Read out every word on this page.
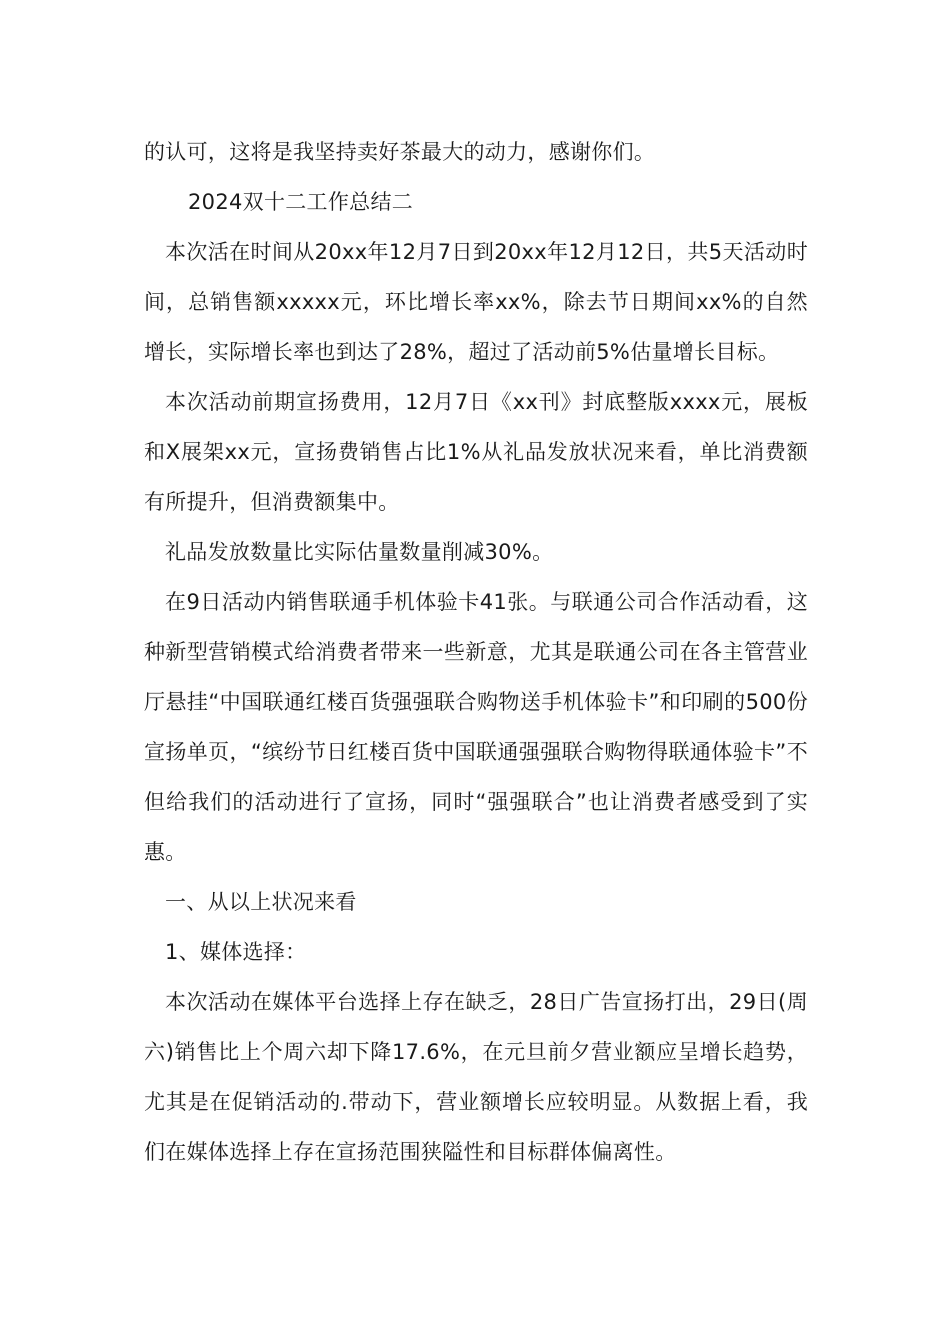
的认可，这将是我坚持卖好茶最大的动力，感谢你们。

2024双十二工作总结二

本次活在时间从20xx年12月7日到20xx年12月12日，共5天活动时间，总销售额xxxxx元，环比增长率xx%，除去节日期间xx%的自然增长，实际增长率也到达了28%，超过了活动前5%估量增长目标。

本次活动前期宣扬费用，12月7日《xx刊》封底整版xxxx元，展板和X展架xx元，宣扬费销售占比1%从礼品发放状况来看，单比消费额有所提升，但消费额集中。

礼品发放数量比实际估量数量削减30%。

在9日活动内销售联通手机体验卡41张。与联通公司合作活动看，这种新型营销模式给消费者带来一些新意，尤其是联通公司在各主管营业厅悬挂“中国联通红楼百货强强联合购物送手机体验卡”和印刷的500份宣扬单页，“缤纷节日红楼百货中国联通强强联合购物得联通体验卡”不但给我们的活动进行了宣扬，同时“强强联合”也让消费者感受到了实惠。

一、从以上状况来看

1、媒体选择：

本次活动在媒体平台选择上存在缺乏，28日广告宣扬打出，29日(周六)销售比上个周六却下降17.6%，在元旦前夕营业额应呈增长趋势，尤其是在促销活动的.带动下，营业额增长应较明显。从数据上看，我们在媒体选择上存在宣扬范围狭隘性和目标群体偏离性。
